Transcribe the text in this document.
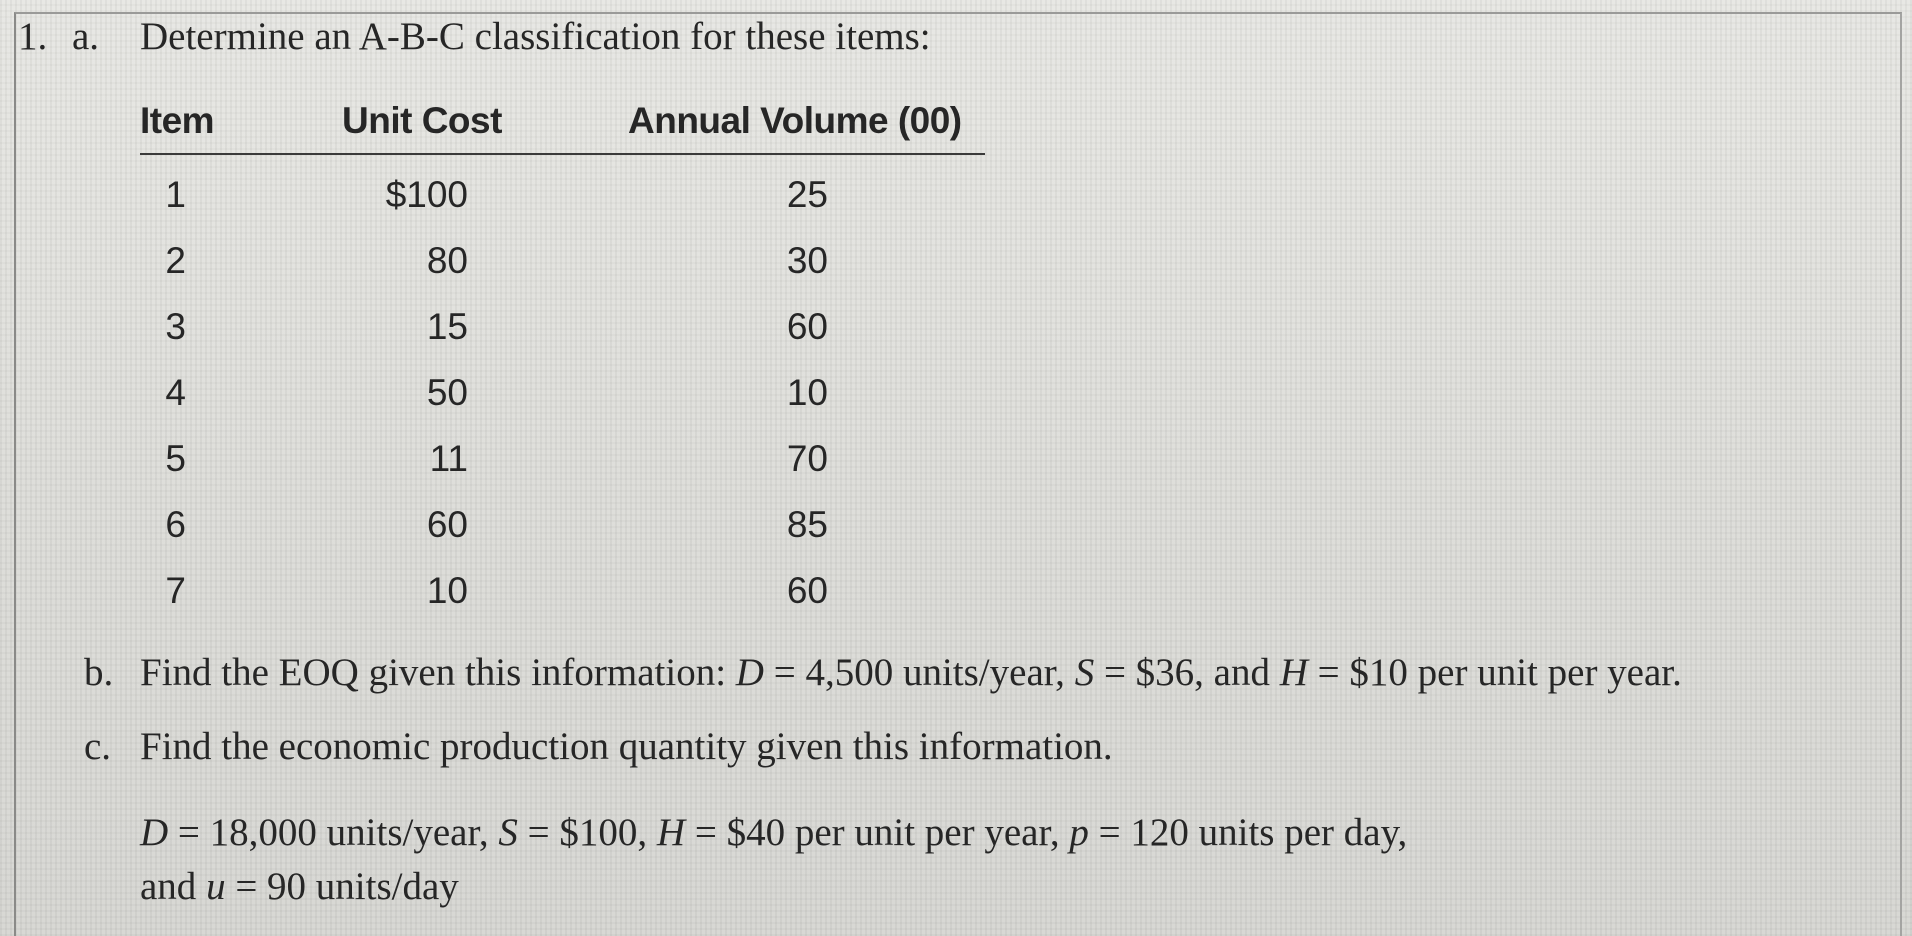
1. a. Determine an A-B-C classification for these items:
Item	Unit Cost	Annual Volume (00)
1	$100	25
2	80	30
3	15	60
4	50	10
5	11	70
6	60	85
7	10	60
b. Find the EOQ given this information: D = 4,500 units/year, S = $36, and H = $10 per unit per year.
c. Find the economic production quantity given this information.
D = 18,000 units/year, S = $100, H = $40 per unit per year, p = 120 units per day,
and u = 90 units/day
